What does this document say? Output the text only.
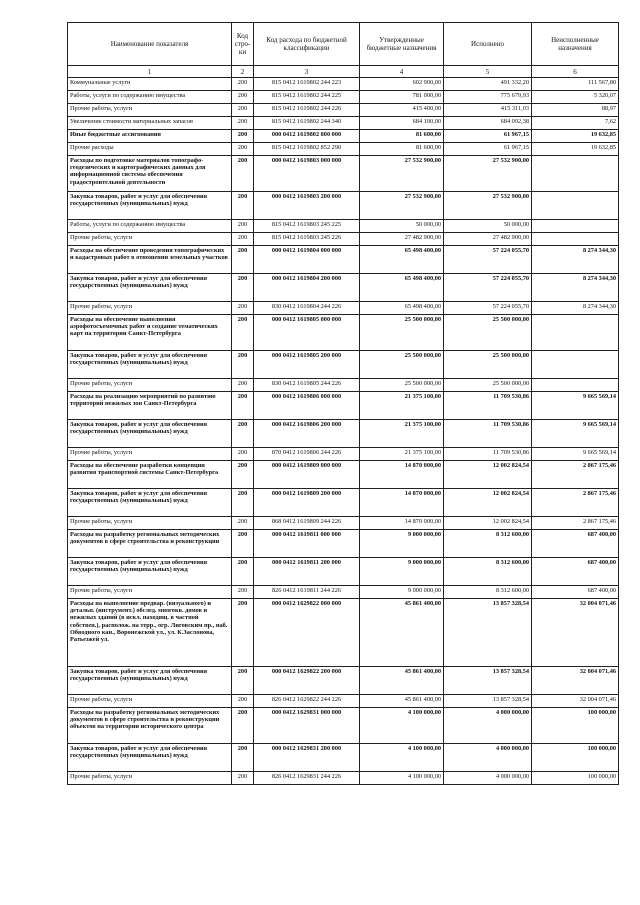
Наименование показателя	Код стро- ки	Код расхода по бюджетной классификации	Утвержденные бюджетные назначения	Исполнено	Неисполненные назначения
1	2	3	4	5	6
Коммунальные услуги	200	815 0412 1619802 244 223	602 900,00	491 332,20	111 567,80
Работы, услуги по содержанию имущества	200	815 0412 1619802 244 225	781 000,00	775 679,93	5 320,07
Прочие работы, услуги	200	815 0412 1619802 244 226	415 400,00	415 311,03	88,97
Увеличение стоимости материальных запасов	200	815 0412 1619802 244 340	684 100,00	684 092,38	7,62
Иные бюджетные ассигнования	200	000 0412 1619802 800 000	81 600,00	61 967,15	19 632,85
Прочие расходы	200	815 0412 1619802 852 290	81 600,00	61 967,15	19 632,85
Расходы по подготовке материалов топографо-геодезических и картографических данных для информационной системы обеспечения градостроительной деятельности	200	000 0412 1619803 000 000	27 532 900,00	27 532 900,00	
Закупка товаров, работ и услуг для обеспечения государственных (муниципальных) нужд	200	000 0412 1619803 200 000	27 532 900,00	27 532 900,00	
Работы, услуги по содержанию имущества	200	815 0412 1619803 245 225	50 000,00	50 000,00	
Прочие работы, услуги	200	815 0412 1619803 245 226	27 482 900,00	27 482 900,00	
Расходы на обеспечение проведения топографических и кадастровых работ в отношении земельных участков	200	000 0412 1619804 000 000	65 498 400,00	57 224 055,70	8 274 344,30
Закупка товаров, работ и услуг для обеспечения государственных (муниципальных) нужд	200	000 0412 1619804 200 000	65 498 400,00	57 224 055,70	8 274 344,30
Прочие работы, услуги	200	830 0412 1619804 244 226	65 498 400,00	57 224 055,70	8 274 344,30
Расходы на обеспечение выполнения аэрофотосъемочных работ и создание тематических карт на территории Санкт-Петербурга	200	000 0412 1619805 000 000	25 500 000,00	25 500 000,00	
Закупка товаров, работ и услуг для обеспечения государственных (муниципальных) нужд	200	000 0412 1619805 200 000	25 500 000,00	25 500 000,00	
Прочие работы, услуги	200	830 0412 1619805 244 226	25 500 000,00	25 500 000,00	
Расходы на реализацию мероприятий по развитию территорий нежилых зон Санкт-Петербурга	200	000 0412 1619806 000 000	21 375 100,00	11 709 530,86	9 665 569,14
Закупка товаров, работ и услуг для обеспечения государственных (муниципальных) нужд	200	000 0412 1619806 200 000	21 375 100,00	11 709 530,86	9 665 569,14
Прочие работы, услуги	200	870 0412 1619806 244 226	21 375 100,00	11 709 530,86	9 665 569,14
Расходы на обеспечение разработки концепции развития транспортной системы Санкт-Петербурга	200	000 0412 1619809 000 000	14 870 000,00	12 002 824,54	2 867 175,46
Закупка товаров, работ и услуг для обеспечения государственных (муниципальных) нужд	200	000 0412 1619809 200 000	14 870 000,00	12 002 824,54	2 867 175,46
Прочие работы, услуги	200	868 0412 1619809 244 226	14 870 000,00	12 002 824,54	2 867 175,46
Расходы на разработку региональных методических документов в сфере строительства и реконструкции	200	000 0412 1619811 000 000	9 000 000,00	8 312 600,00	687 400,00
Закупка товаров, работ и услуг для обеспечения государственных (муниципальных) нужд	200	000 0412 1619811 200 000	9 000 000,00	8 312 600,00	687 400,00
Прочие работы, услуги	200	826 0412 1619811 244 226	9 000 000,00	8 312 600,00	687 400,00
Расходы на выполнение предвар. (визуального) и детальн. (инструмент.) обслед. многокв. домов и нежилых зданий (в искл. находящ. в частной собствен.), располож. на терр., огр. Лиговским пр., наб. Обводного кан., Воронежской ул., ул. К.Заслонова, Разъезжей ул.	200	000 0412 1629822 000 000	45 861 400,00	13 857 328,54	32 004 071,46
Закупка товаров, работ и услуг для обеспечения государственных (муниципальных) нужд	200	000 0412 1629822 200 000	45 861 400,00	13 857 328,54	32 004 071,46
Прочие работы, услуги	200	826 0412 1629822 244 226	45 861 400,00	13 857 328,54	32 004 071,46
Расходы на разработку региональных методических документов в сфере строительства и реконструкции объектов на территории исторического центра	200	000 0412 1629831 000 000	4 100 000,00	4 000 000,00	100 000,00
Закупка товаров, работ и услуг для обеспечения государственных (муниципальных) нужд	200	000 0412 1629831 200 000	4 100 000,00	4 000 000,00	100 000,00
Прочие работы, услуги	200	826 0412 1629831 244 226	4 100 000,00	4 000 000,00	100 000,00
